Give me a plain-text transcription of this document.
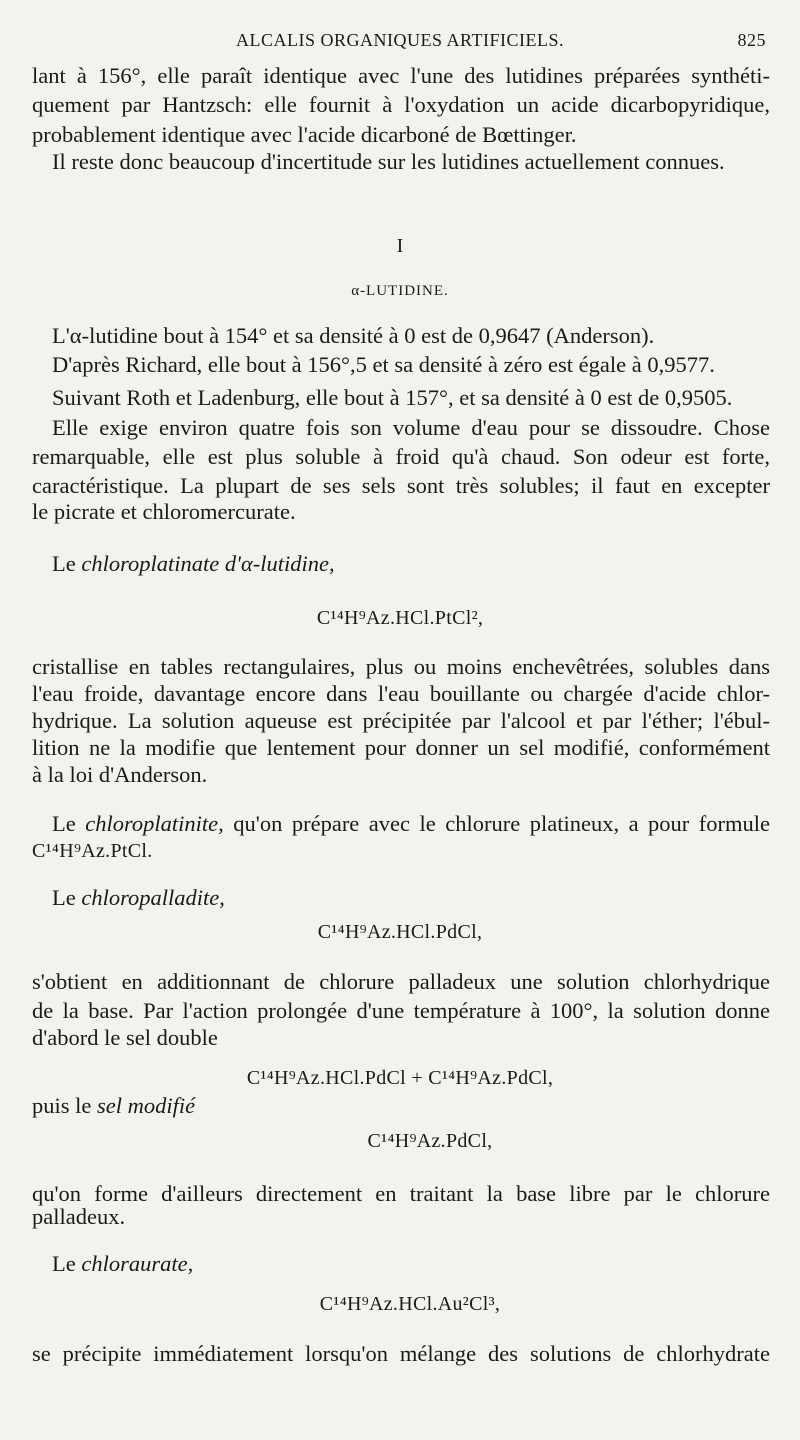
ALCALIS ORGANIQUES ARTIFICIELS.	825
lant à 156°, elle paraît identique avec l'une des lutidines préparées synthéti-
quement par Hantzsch: elle fournit à l'oxydation un acide dicarbopyridique,
probablement identique avec l'acide dicarboné de Bœttinger.
Il reste donc beaucoup d'incertitude sur les lutidines actuellement connues.
I
α-LUTIDINE.
L'α-lutidine bout à 154° et sa densité à 0 est de 0,9647 (Anderson).
D'après Richard, elle bout à 156°,5 et sa densité à zéro est égale à 0,9577.
Suivant Roth et Ladenburg, elle bout à 157°, et sa densité à 0 est de 0,9505.
Elle exige environ quatre fois son volume d'eau pour se dissoudre. Chose
remarquable, elle est plus soluble à froid qu'à chaud. Son odeur est forte,
caractéristique. La plupart de ses sels sont très solubles; il faut en excepter
le picrate et chloromercurate.
Le chloroplatinate d'α-lutidine,
C¹⁴H⁹Az.HCl.PtCl²,
cristallise en tables rectangulaires, plus ou moins enchevêtrées, solubles dans
l'eau froide, davantage encore dans l'eau bouillante ou chargée d'acide chlor-
hydrique. La solution aqueuse est précipitée par l'alcool et par l'éther; l'ébul-
lition ne la modifie que lentement pour donner un sel modifié, conformément
à la loi d'Anderson.
Le chloroplatinite, qu'on prépare avec le chlorure platineux, a pour formule
C¹⁴H⁹Az.PtCl.
Le chloropalladite,
C¹⁴H⁹Az.HCl.PdCl,
s'obtient en additionnant de chlorure palladeux une solution chlorhydrique
de la base. Par l'action prolongée d'une température à 100°, la solution donne
d'abord le sel double
C¹⁴H⁹Az.HCl.PdCl + C¹⁴H⁹Az.PdCl,
puis le sel modifié
C¹⁴H⁹Az.PdCl,
qu'on forme d'ailleurs directement en traitant la base libre par le chlorure
palladeux.
Le chloraurate,
C¹⁴H⁹Az.HCl.Au²Cl³,
se précipite immédiatement lorsqu'on mélange des solutions de chlorhydrate
